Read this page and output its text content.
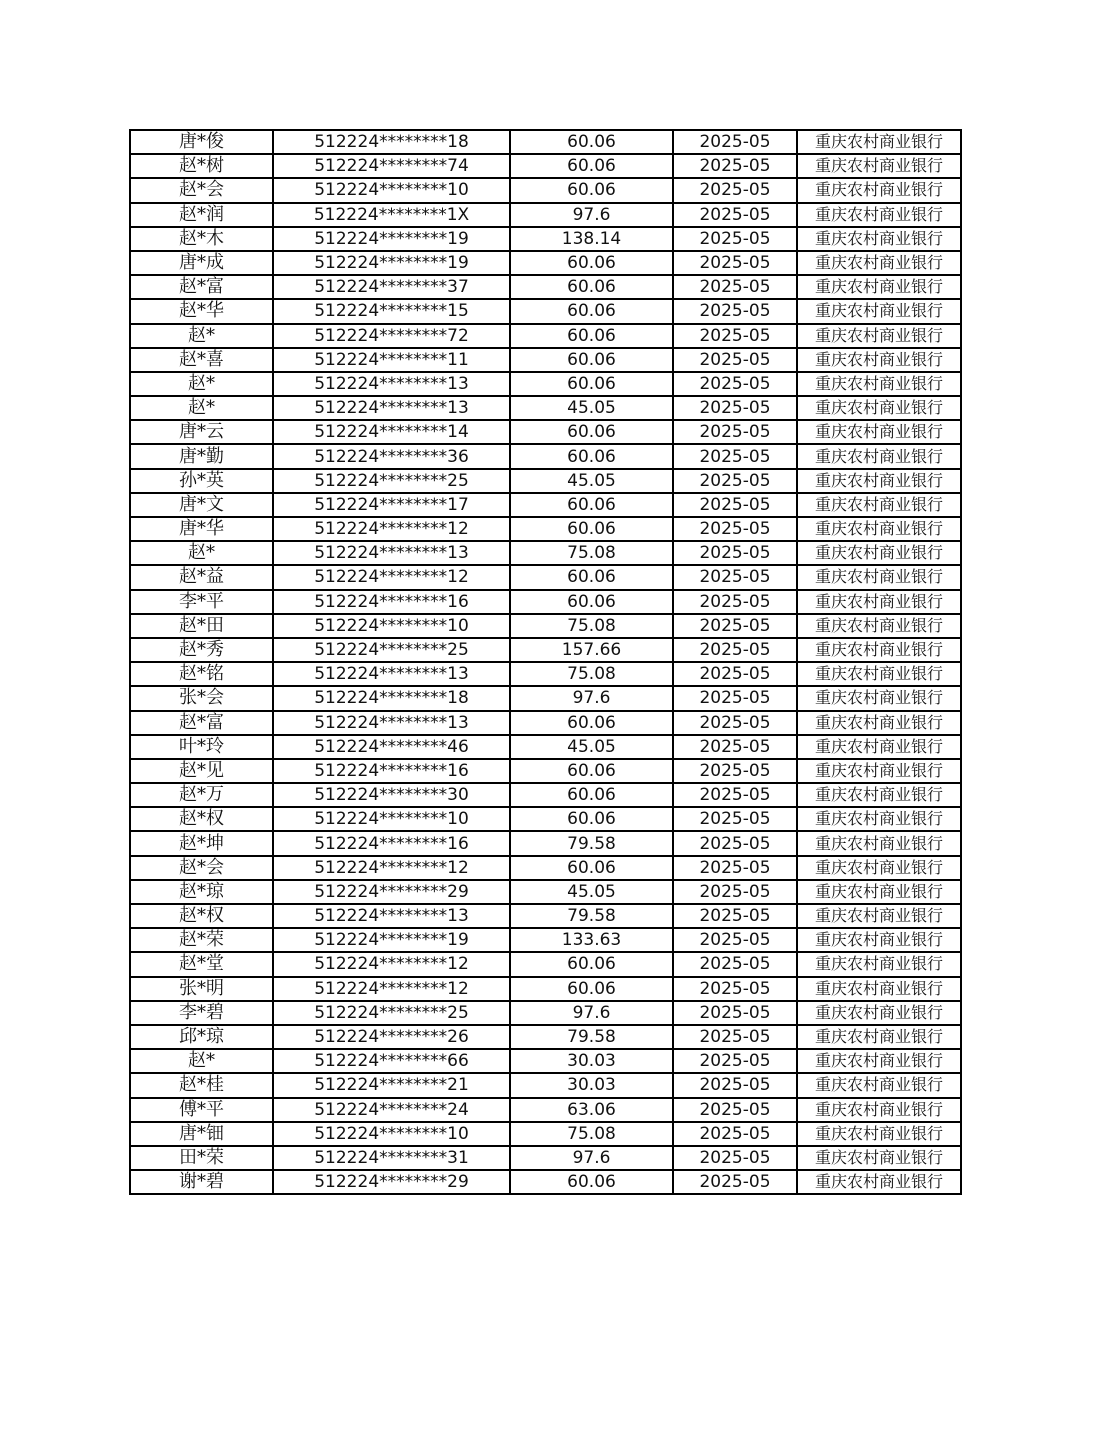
唐*俊	512224********18	60.06	2025-05	重庆农村商业银行
赵*树	512224********74	60.06	2025-05	重庆农村商业银行
赵*会	512224********10	60.06	2025-05	重庆农村商业银行
赵*润	512224********1X	97.6	2025-05	重庆农村商业银行
赵*木	512224********19	138.14	2025-05	重庆农村商业银行
唐*成	512224********19	60.06	2025-05	重庆农村商业银行
赵*富	512224********37	60.06	2025-05	重庆农村商业银行
赵*华	512224********15	60.06	2025-05	重庆农村商业银行
赵*	512224********72	60.06	2025-05	重庆农村商业银行
赵*喜	512224********11	60.06	2025-05	重庆农村商业银行
赵*	512224********13	60.06	2025-05	重庆农村商业银行
赵*	512224********13	45.05	2025-05	重庆农村商业银行
唐*云	512224********14	60.06	2025-05	重庆农村商业银行
唐*勤	512224********36	60.06	2025-05	重庆农村商业银行
孙*英	512224********25	45.05	2025-05	重庆农村商业银行
唐*文	512224********17	60.06	2025-05	重庆农村商业银行
唐*华	512224********12	60.06	2025-05	重庆农村商业银行
赵*	512224********13	75.08	2025-05	重庆农村商业银行
赵*益	512224********12	60.06	2025-05	重庆农村商业银行
李*平	512224********16	60.06	2025-05	重庆农村商业银行
赵*田	512224********10	75.08	2025-05	重庆农村商业银行
赵*秀	512224********25	157.66	2025-05	重庆农村商业银行
赵*铭	512224********13	75.08	2025-05	重庆农村商业银行
张*会	512224********18	97.6	2025-05	重庆农村商业银行
赵*富	512224********13	60.06	2025-05	重庆农村商业银行
叶*玲	512224********46	45.05	2025-05	重庆农村商业银行
赵*见	512224********16	60.06	2025-05	重庆农村商业银行
赵*万	512224********30	60.06	2025-05	重庆农村商业银行
赵*权	512224********10	60.06	2025-05	重庆农村商业银行
赵*坤	512224********16	79.58	2025-05	重庆农村商业银行
赵*会	512224********12	60.06	2025-05	重庆农村商业银行
赵*琼	512224********29	45.05	2025-05	重庆农村商业银行
赵*权	512224********13	79.58	2025-05	重庆农村商业银行
赵*荣	512224********19	133.63	2025-05	重庆农村商业银行
赵*堂	512224********12	60.06	2025-05	重庆农村商业银行
张*明	512224********12	60.06	2025-05	重庆农村商业银行
李*碧	512224********25	97.6	2025-05	重庆农村商业银行
邱*琼	512224********26	79.58	2025-05	重庆农村商业银行
赵*	512224********66	30.03	2025-05	重庆农村商业银行
赵*桂	512224********21	30.03	2025-05	重庆农村商业银行
傅*平	512224********24	63.06	2025-05	重庆农村商业银行
唐*钿	512224********10	75.08	2025-05	重庆农村商业银行
田*荣	512224********31	97.6	2025-05	重庆农村商业银行
谢*碧	512224********29	60.06	2025-05	重庆农村商业银行
